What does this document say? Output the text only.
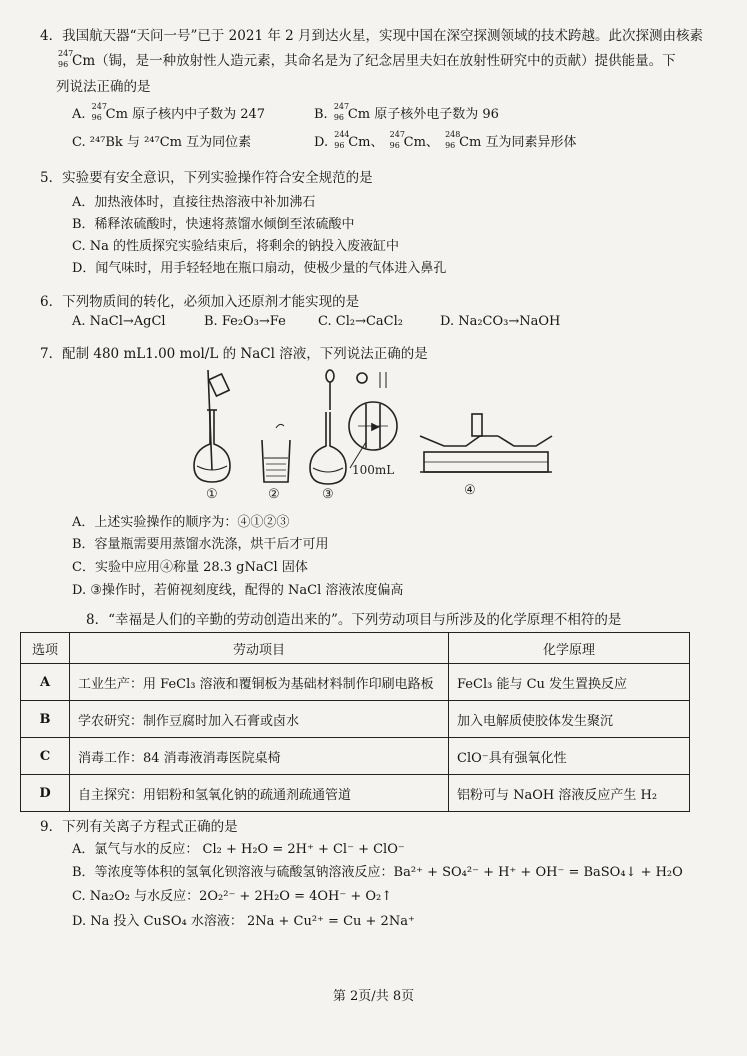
4．我国航天器“天问一号”已于 2021 年 2 月到达火星，实现中国在深空探测领域的技术跨越。此次探测由核素
247
96 Cm（锔，是一种放射性人造元素，其命名是为了纪念居里夫妇在放射性研究中的贡献）提供能量。下
列说法正确的是
A.
247
96 Cm 原子核内中子数为 247	B.
247
96 Cm 原子核外电子数为 96
C. ²⁴⁷Bk 与 ²⁴⁷Cm 互为同位素	D.
244
96 Cm、
247
96 Cm、
248
96 Cm 互为同素异形体
5．实验要有安全意识，下列实验操作符合安全规范的是
A．加热液体时，直接往热溶液中补加沸石
B．稀释浓硫酸时，快速将蒸馏水倾倒至浓硫酸中
C. Na 的性质探究实验结束后，将剩余的钠投入废液缸中
D．闻气味时，用手轻轻地在瓶口扇动，使极少量的气体进入鼻孔
6．下列物质间的转化，必须加入还原剂才能实现的是
A. NaCl→AgCl	B. Fe₂O₃→Fe C. Cl₂→CaCl₂	D. Na₂CO₃→NaOH
7．配制 480 mL1.00 mol/L 的 NaCl 溶液，下列说法正确的是
100mL
①	②	③	④
A．上述实验操作的顺序为：④①②③
B．容量瓶需要用蒸馏水洗涤，烘干后才可用
C．实验中应用④称量 28.3 gNaCl 固体
D. ③操作时，若俯视刻度线，配得的 NaCl 溶液浓度偏高
8．“幸福是人们的辛勤的劳动创造出来的”。下列劳动项目与所涉及的化学原理不相符的是
选项	劳动项目	化学原理
A	工业生产：用 FeCl₃ 溶液和覆铜板为基础材料制作印刷电路板	FeCl₃ 能与 Cu 发生置换反应
B	学农研究：制作豆腐时加入石膏或卤水	加入电解质使胶体发生聚沉
C	消毒工作：84 消毒液消毒医院桌椅	ClO⁻具有强氧化性
D	自主探究：用铝粉和氢氧化钠的疏通剂疏通管道	铝粉可与 NaOH 溶液反应产生 H₂
9．下列有关离子方程式正确的是
A．氯气与水的反应： Cl₂ + H₂O = 2H⁺ + Cl⁻ + ClO⁻
B．等浓度等体积的氢氧化钡溶液与硫酸氢钠溶液反应：Ba²⁺ + SO₄²⁻ + H⁺ + OH⁻ = BaSO₄↓ + H₂O
C. Na₂O₂ 与水反应：2O₂²⁻ + 2H₂O = 4OH⁻ + O₂↑
D. Na 投入 CuSO₄ 水溶液： 2Na + Cu²⁺ = Cu + 2Na⁺
第 2页/共 8页
